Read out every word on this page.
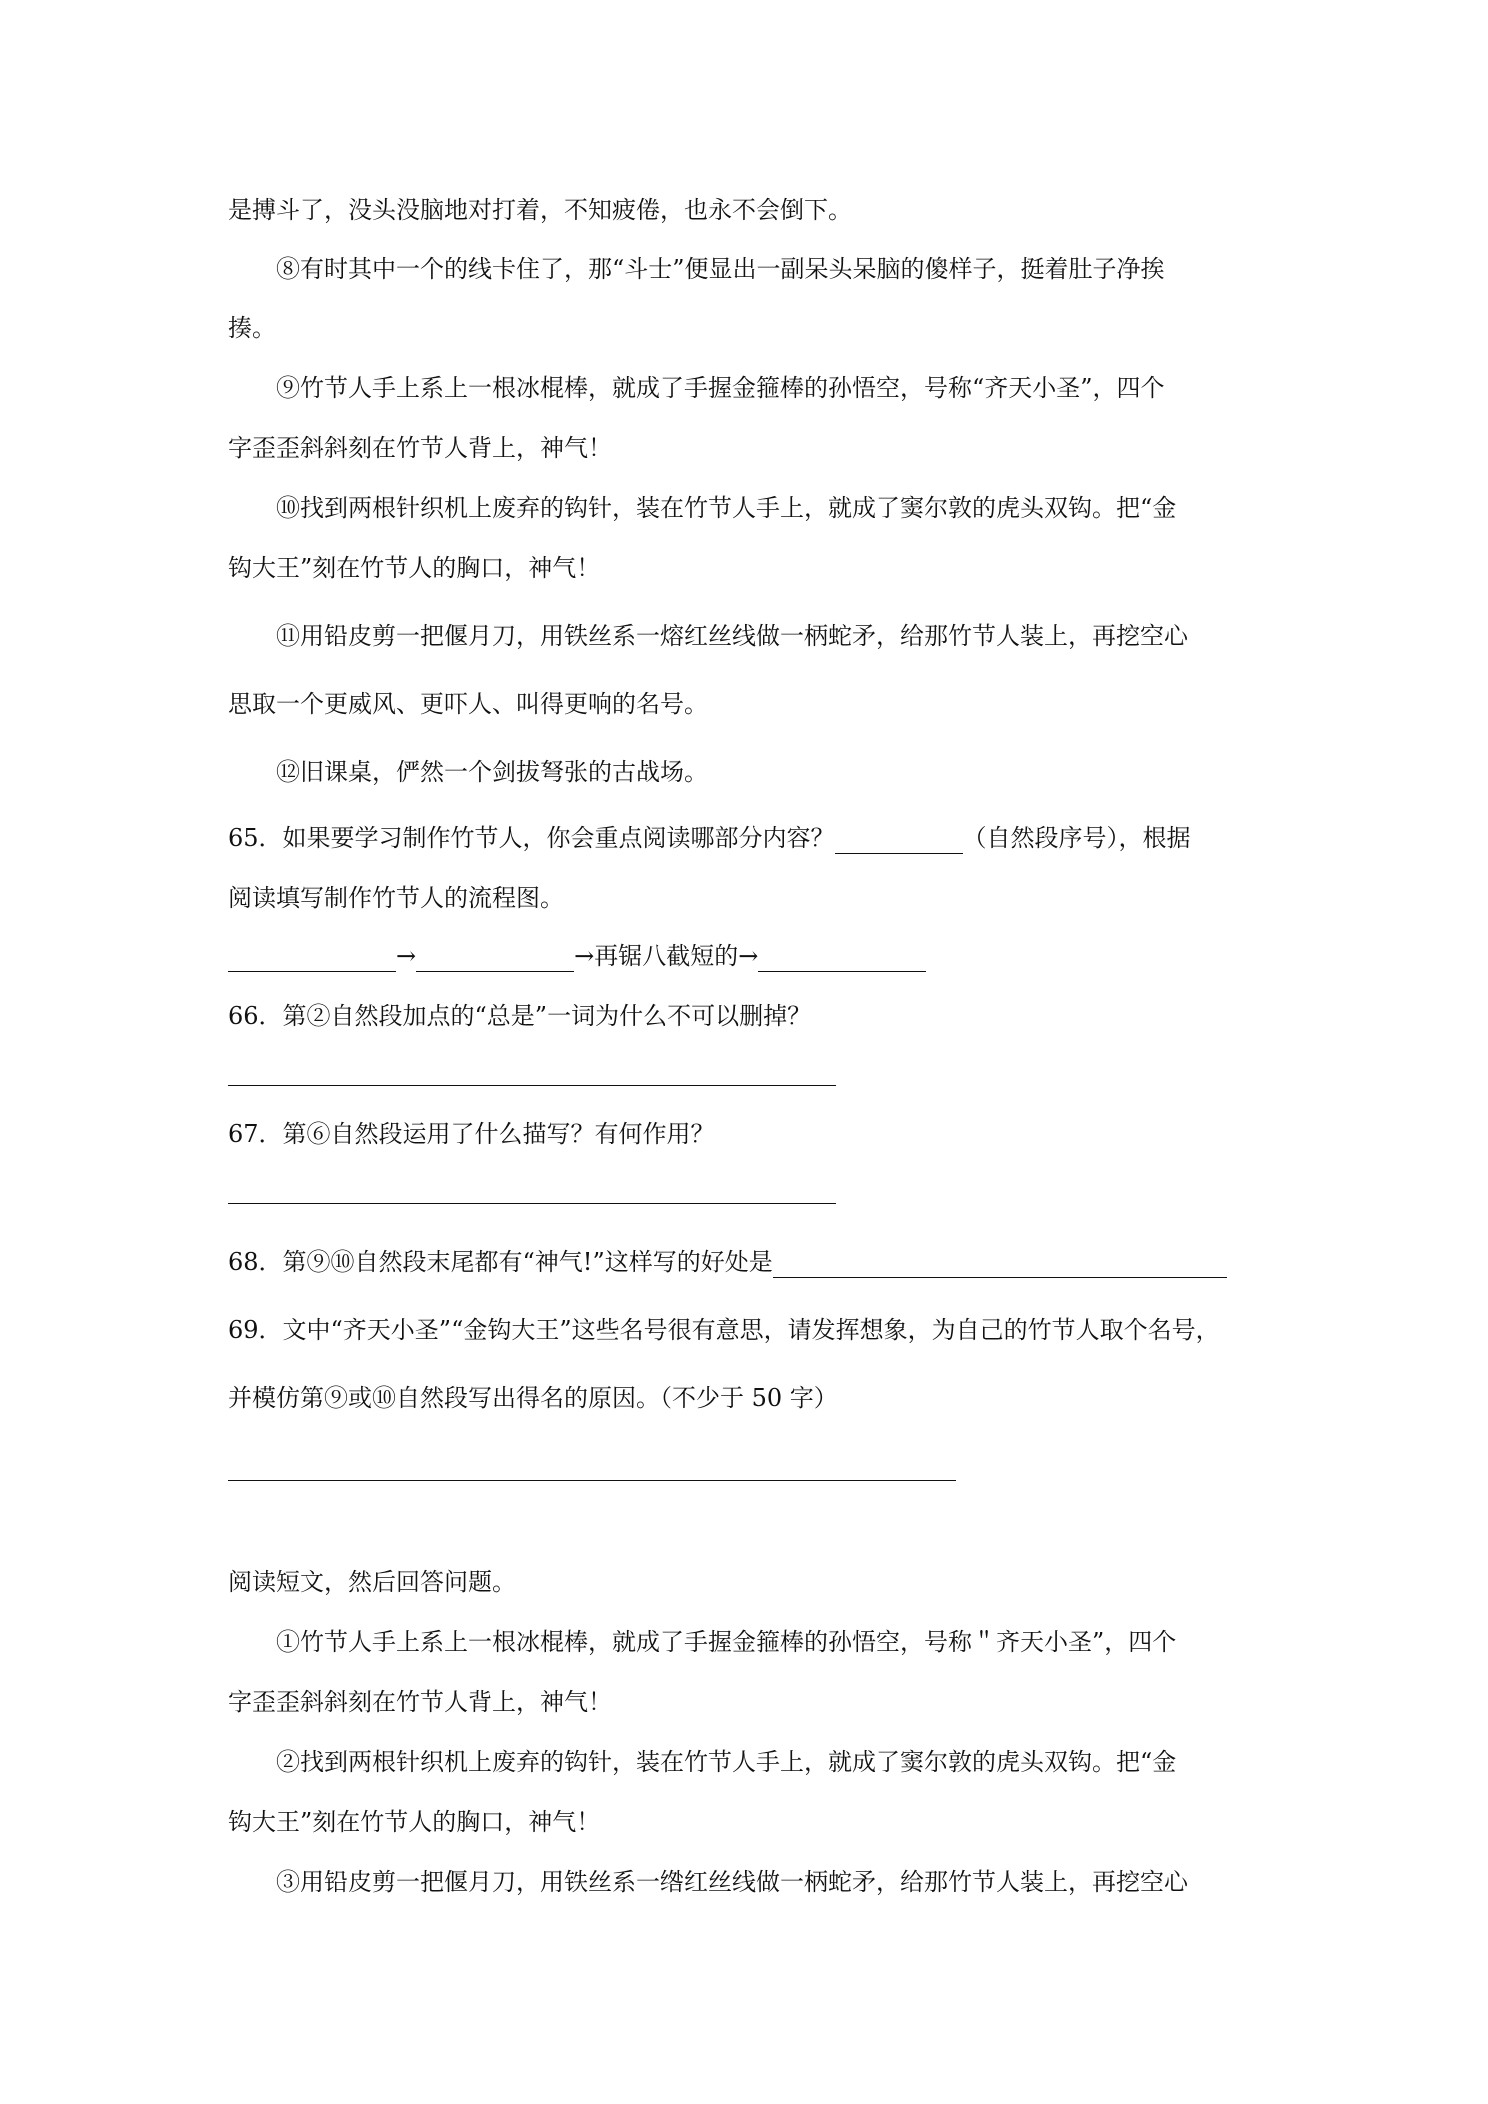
是搏斗了，没头没脑地对打着，不知疲倦，也永不会倒下。
⑧有时其中一个的线卡住了，那“斗士”便显出一副呆头呆脑的傻样子，挺着肚子净挨
揍。
⑨竹节人手上系上一根冰棍棒，就成了手握金箍棒的孙悟空，号称“齐天小圣”，四个
字歪歪斜斜刻在竹节人背上，神气！
⑩找到两根针织机上废弃的钩针，装在竹节人手上，就成了窦尔敦的虎头双钩。把“金
钩大王”刻在竹节人的胸口，神气！
⑪用铅皮剪一把偃月刀，用铁丝系一熔红丝线做一柄蛇矛，给那竹节人装上，再挖空心
思取一个更威风、更吓人、叫得更响的名号。
⑫旧课桌，俨然一个剑拔弩张的古战场。
65．如果要学习制作竹节人，你会重点阅读哪部分内容？	（自然段序号），根据
阅读填写制作竹节人的流程图。
→	→再锯八截短的→
66．第②自然段加点的“总是”一词为什么不可以删掉？
67．第⑥自然段运用了什么描写？有何作用？
68．第⑨⑩自然段末尾都有“神气!”这样写的好处是
69．文中“齐天小圣”“金钩大王”这些名号很有意思，请发挥想象，为自己的竹节人取个名号，
并模仿第⑨或⑩自然段写出得名的原因。（不少于 50 字）
阅读短文，然后回答问题。
①竹节人手上系上一根冰棍棒，就成了手握金箍棒的孙悟空，号称＂齐天小圣”，四个
字歪歪斜斜刻在竹节人背上，神气！
②找到两根针织机上废弃的钩针，装在竹节人手上，就成了窦尔敦的虎头双钩。把“金
钩大王”刻在竹节人的胸口，神气！
③用铅皮剪一把偃月刀，用铁丝系一绺红丝线做一柄蛇矛，给那竹节人装上，再挖空心
